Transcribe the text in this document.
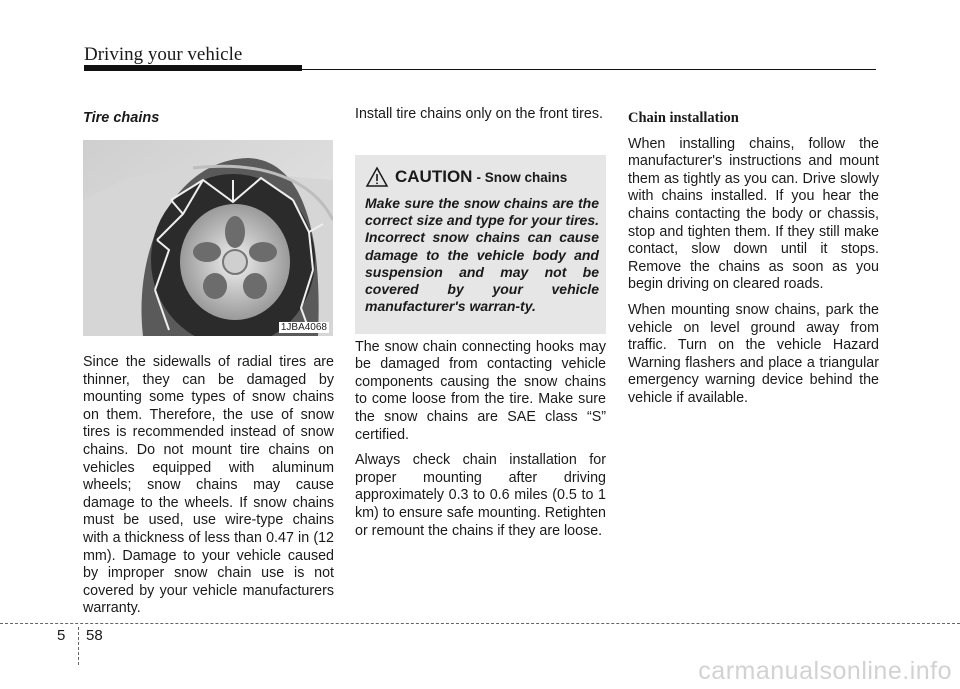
Driving your vehicle
Tire chains

Since the sidewalls of radial tires are thinner, they can be damaged by mounting some types of snow chains on them. Therefore, the use of snow tires is recommended instead of snow chains. Do not mount tire chains on vehicles equipped with aluminum wheels; snow chains may cause damage to the wheels. If snow chains must be used, use wire-type chains with a thickness of less than 0.47 in (12 mm). Damage to your vehicle caused by improper snow chain use is not covered by your vehicle manufacturers warranty.

1JBA4068

Install tire chains only on the front tires.

The snow chain connecting hooks may be damaged from contacting vehicle components causing the snow chains to come loose from the tire. Make sure the snow chains are SAE class “S” certified.

Always check chain installation for proper mounting after driving approximately 0.3 to 0.6 miles (0.5 to 1 km) to ensure safe mounting. Retighten or remount the chains if they are loose.

CAUTION - Snow chains

Make sure the snow chains are the correct size and type for your tires. Incorrect snow chains can cause damage to the vehicle body and suspension and may not be covered by your vehicle manufacturer's warran-ty.

Chain installation

When installing chains, follow the manufacturer's instructions and mount them as tightly as you can. Drive slowly with chains installed. If you hear the chains contacting the body or chassis, stop and tighten them. If they still make contact, slow down until it stops. Remove the chains as soon as you begin driving on cleared roads.

When mounting snow chains, park the vehicle on level ground away from traffic. Turn on the vehicle Hazard Warning flashers and place a triangular emergency warning device behind the vehicle if available.

5 58
carmanualsonline.info
